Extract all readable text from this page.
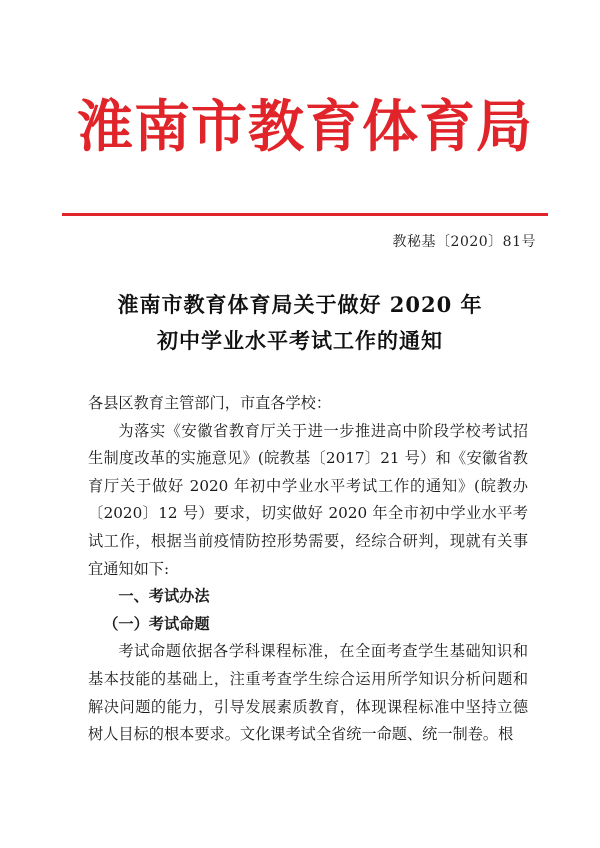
淮南市教育体育局
教秘基〔2020〕81号
淮南市教育体育局关于做好 2020 年
初中学业水平考试工作的通知

各县区教育主管部门，市直各学校：

为落实《安徽省教育厅关于进一步推进高中阶段学校考试招生制度改革的实施意见》(皖教基〔2017〕21 号）和《安徽省教育厅关于做好 2020 年初中学业水平考试工作的通知》(皖教办〔2020〕12 号）要求，切实做好 2020 年全市初中学业水平考试工作，根据当前疫情防控形势需要，经综合研判，现就有关事宜通知如下:

一、考试办法

（一）考试命题

考试命题依据各学科课程标准，在全面考查学生基础知识和基本技能的基础上，注重考查学生综合运用所学知识分析问题和解决问题的能力，引导发展素质教育，体现课程标准中坚持立德树人目标的根本要求。文化课考试全省统一命题、统一制卷。根
